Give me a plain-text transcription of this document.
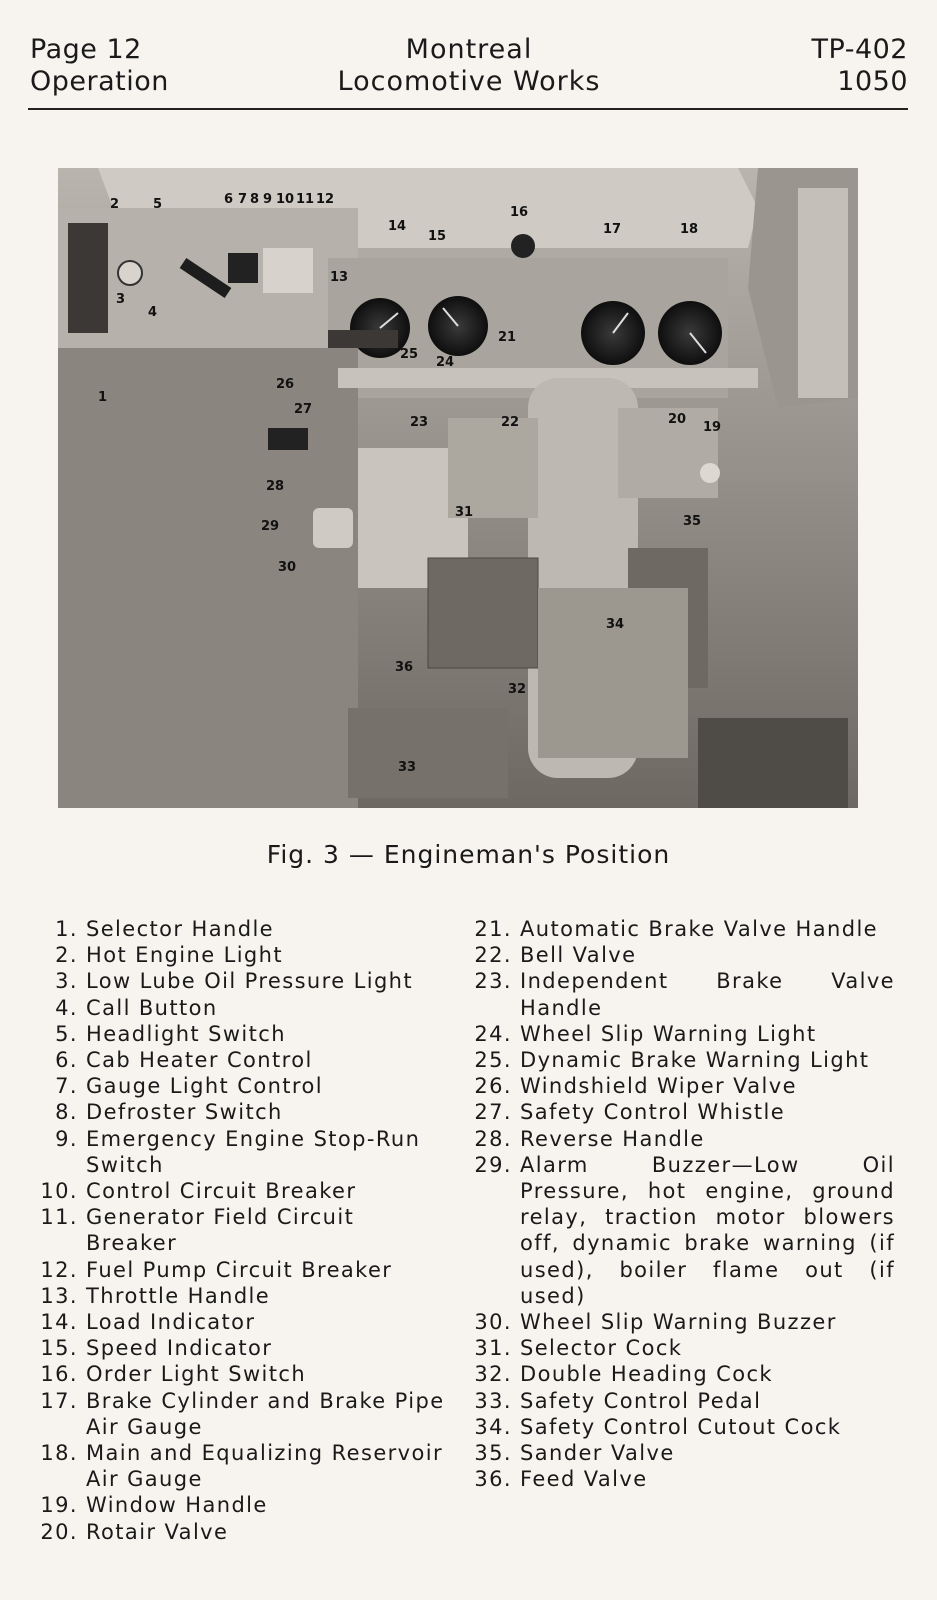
Page 12
Operation
Montreal
Locomotive Works
TP-402
1050
1
2
3
4
5	6 7 8 9 10 11 12
13
14
15
16
17	18
19
20
21
22
23
24
25
26
27
28
29
30
31
32
33
34
35
36
Fig. 3 — Engineman's Position
1. Selector Handle
2. Hot Engine Light
3. Low Lube Oil Pressure Light
4. Call Button
5. Headlight Switch
6. Cab Heater Control
7. Gauge Light Control
8. Defroster Switch
9. Emergency Engine Stop-Run Switch
10. Control Circuit Breaker
11. Generator Field Circuit Breaker
12. Fuel Pump Circuit Breaker
13. Throttle Handle
14. Load Indicator
15. Speed Indicator
16. Order Light Switch
17. Brake Cylinder and Brake Pipe Air Gauge
18. Main and Equalizing Reservoir Air Gauge
19. Window Handle
20. Rotair Valve
21. Automatic Brake Valve Handle
22. Bell Valve
23. Independent Brake Valve Handle
24. Wheel Slip Warning Light
25. Dynamic Brake Warning Light
26. Windshield Wiper Valve
27. Safety Control Whistle
28. Reverse Handle
29. Alarm Buzzer—Low Oil Pressure, hot engine, ground relay, traction motor blowers off, dynamic brake warning (if used), boiler flame out (if used)
30. Wheel Slip Warning Buzzer
31. Selector Cock
32. Double Heading Cock
33. Safety Control Pedal
34. Safety Control Cutout Cock
35. Sander Valve
36. Feed Valve
